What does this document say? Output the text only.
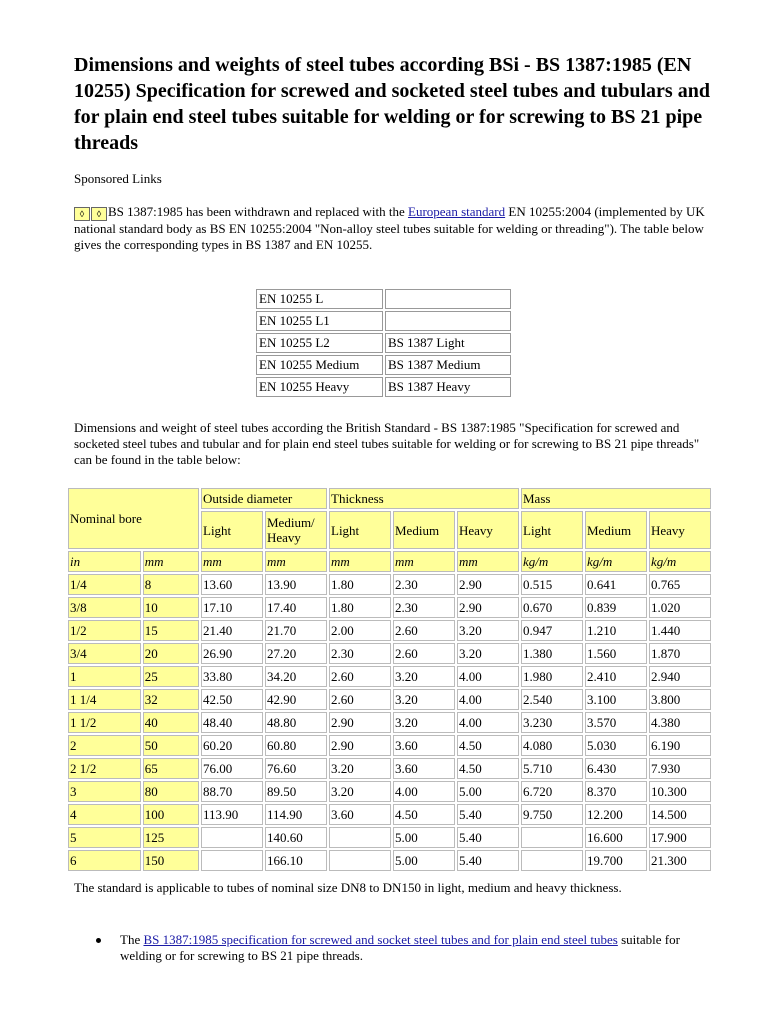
Dimensions and weights of steel tubes according BSi - BS 1387:1985 (EN 10255) Specification for screwed and socketed steel tubes and tubulars and for plain end steel tubes suitable for welding or for screwing to BS 21 pipe threads

Sponsored Links

◊ ◊ BS 1387:1985 has been withdrawn and replaced with the European standard EN 10255:2004 (implemented by UK national standard body as BS EN 10255:2004 "Non-alloy steel tubes suitable for welding or threading"). The table below gives the corresponding types in BS 1387 and EN 10255.

EN 10255 L	
EN 10255 L1	
EN 10255 L2	BS 1387 Light
EN 10255 Medium	BS 1387 Medium
EN 10255 Heavy	BS 1387 Heavy

Dimensions and weight of steel tubes according the British Standard - BS 1387:1985 "Specification for screwed and socketed steel tubes and tubular and for plain end steel tubes suitable for welding or for screwing to BS 21 pipe threads" can be found in the table below:

Nominal bore		Outside diameter		Thickness			Mass		
		Light	Medium/ Heavy	Light	Medium	Heavy	Light	Medium	Heavy
in	mm	mm	mm	mm	mm	mm	kg/m	kg/m	kg/m
1/4	8	13.60	13.90	1.80	2.30	2.90	0.515	0.641	0.765
3/8	10	17.10	17.40	1.80	2.30	2.90	0.670	0.839	1.020
1/2	15	21.40	21.70	2.00	2.60	3.20	0.947	1.210	1.440
3/4	20	26.90	27.20	2.30	2.60	3.20	1.380	1.560	1.870
1	25	33.80	34.20	2.60	3.20	4.00	1.980	2.410	2.940
1 1/4	32	42.50	42.90	2.60	3.20	4.00	2.540	3.100	3.800
1 1/2	40	48.40	48.80	2.90	3.20	4.00	3.230	3.570	4.380
2	50	60.20	60.80	2.90	3.60	4.50	4.080	5.030	6.190
2 1/2	65	76.00	76.60	3.20	3.60	4.50	5.710	6.430	7.930
3	80	88.70	89.50	3.20	4.00	5.00	6.720	8.370	10.300
4	100	113.90	114.90	3.60	4.50	5.40	9.750	12.200	14.500
5	125		140.60		5.00	5.40		16.600	17.900
6	150		166.10		5.00	5.40		19.700	21.300

The standard is applicable to tubes of nominal size DN8 to DN150 in light, medium and heavy thickness.

The BS 1387:1985 specification for screwed and socket steel tubes and for plain end steel tubes suitable for welding or for screwing to BS 21 pipe threads.
